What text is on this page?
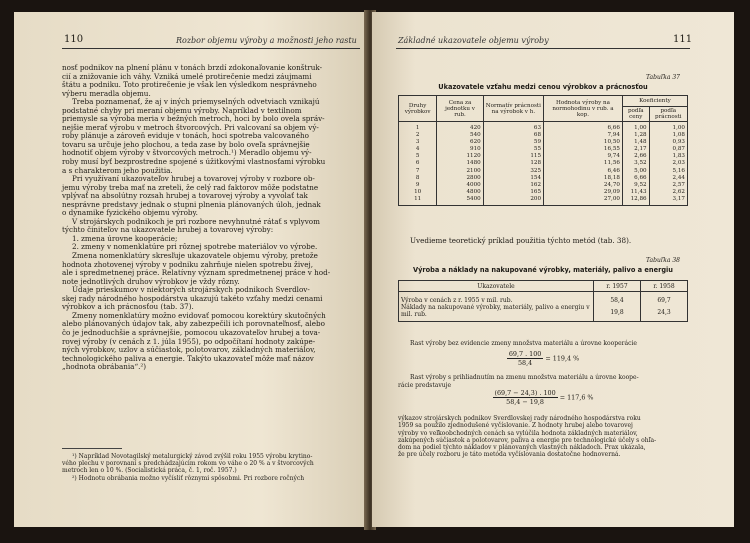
110	Rozbor objemu výroby a možnosti jeho rastu
nosť podnikov na plnení plánu v tonách brzdí zdokonaľovanie konštruk-
cií a znižovanie ich váhy. Vzniká umelé protirečenie medzi záujmami
štátu a podniku. Toto protirečenie je však len výsledkom nesprávneho
výberu meradla objemu.
Treba poznamenať, že aj v iných priemyselných odvetviach vznikajú
podstatné chyby pri meraní objemu výroby. Napríklad v textilnom
priemysle sa výroba meria v bežných metroch, hoci by bolo ovela správ-
nejšie merať výrobu v metroch štvorcových. Pri valcovaní sa objem vý-
roby plánuje a zároveň eviduje v tonách, hoci spotreba valcovaného
tovaru sa určuje jeho plochou, a teda zase by bolo oveľa správnejšie
hodnotiť objem výroby v štvorcových metroch.¹) Meradlo objemu vý-
roby musí byť bezprostredne spojené s úžitkovými vlastnosťami výrobku
a s charakterom jeho použitia.
Pri využívaní ukazovateľov hrubej a tovarovej výroby v rozbore ob-
jemu výroby treba mať na zreteli, že celý rad faktorov môže podstatne
vplývať na absolútny rozsah hrubej a tovarovej výroby a vyvolať tak
nesprávne predstavy jednak o stupni plnenia plánovaných úloh, jednak
o dynamike fyzického objemu výroby.
V strojárskych podnikoch je pri rozbore nevyhnutné rátať s vplyvom
týchto činiteľov na ukazovatele hrubej a tovarovej výroby:
1. zmena úrovne kooperácie;
2. zmeny v nomenklatúre pri rôznej spotrebe materiálov vo výrobe.
Zmena nomenklatúry skresľuje ukazovatele objemu výroby, pretože
hodnota zhotovenej výroby v podniku zahrňuje nielen spotrebu živej,
ale i spredmetnenej práce. Relatívny význam spredmetnenej práce v hod-
note jednotlivých druhov výrobkov je vždy rôzny.
Údaje prieskumov v niektorých strojárskych podnikoch Sverdlov-
skej rady národného hospodárstva ukazujú takéto vzťahy medzi cenami
výrobkov a ich prácnosťou (tab. 37).
Zmeny nomenklatúry možno evidovať pomocou korektúry skutočných
alebo plánovaných údajov tak, aby zabezpečili ich porovnateľnosť, alebo
čo je jednoduchšie a správnejšie, pomocou ukazovateľov hrubej a tova-
rovej výroby (v cenách z 1. júla 1955), po odpočítaní hodnoty zakúpe-
ných výrobkov, uzlov a súčiastok, polotovarov, základných materiálov,
technologického paliva a energie. Takýto ukazovateľ môže mať názov
„hodnota obrábania“.²)
¹) Napríklad Novotagilský metalurgický závod zvýšil roku 1955 výrobu krytino-
vého plechu v porovnaní s predchádzajúcim rokom vo váhe o 20 % a v štvorcových
metroch len o 10 %. (Socialistická práca, č. 1, roč. 1957.)
²) Hodnotu obrábania možno vyčísliť rôznymi spôsobmi. Pri rozbore ročných
Základné ukazovatele objemu výroby	111
Tabuľka 37
Ukazovatele vzťahu medzi cenou výrobkov a prácnosťou
Druhy výrobkov	Cena za jednotku v rub.	Normatív prácnosti na výrobok v h.	Hodnota výroby na normohodinu v rub. a kop.	Koeficienty	
				podľa ceny	podľa prácnosti
1	420	63	6,66	1,00	1,00
2	540	68	7,94	1,28	1,08
3	620	59	10,50	1,48	0,93
4	910	55	16,55	2,17	0,87
5	1120	115	9,74	2,66	1,83
6	1480	128	11,56	3,52	2,03
7	2100	325	6,46	5,00	5,16
8	2800	154	18,18	6,66	2,44
9	4000	162	24,70	9,52	2,57
10	4800	165	29,09	11,43	2,62
11	5400	200	27,00	12,86	3,17
Uvedieme teoretický príklad použitia týchto metód (tab. 38).
Tabuľka 38
Výroba a náklady na nakupované výrobky, materiály, palivo a energiu
Ukazovatele	r. 1957	r. 1958
Výroba v cenách z r. 1955 v mil. rub.	58,4	69,7
Náklady na nakupované výrobky, materiály, palivo a energiu v mil. rub.	19,8	24,3
Rast výroby bez evidencie zmeny množstva materiálu a úrovne kooperácie
$\frac{69,7 . 100}{58,4} = 119,4$ %
Rast výroby s prihliadnutím na zmenu množstva materiálu a úrovne koope-
rácie predstavuje
$\frac{(69,7 - 24,3) . 100}{58,4 - 19,8} = 117,6$ %
výkazov strojárskych podnikov Sverdlovskej rady národného hospodárstva roku
1959 sa použilo zjednodušené vyčíslovanie. Z hodnoty hrubej alebo tovarovej
výroby vo veľkoobchodných cenách sa vylúčila hodnota základných materiálov,
zakúpených súčiastok a polotovarov, paliva a energie pre technologické účely s ohľa-
dom na podiel týchto nákladov v plánovaných vlastných nákladoch. Prax ukázala,
že pre účely rozboru je táto metóda vyčíslovania dostatočne hodnoverná.
